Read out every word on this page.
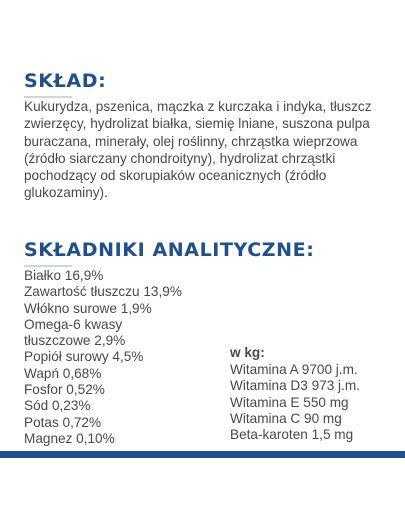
SKŁAD:

Kukurydza, pszenica, mączka z kurczaka i indyka, tłuszcz zwierzęcy, hydrolizat białka, siemię lniane, suszona pulpa buraczana, minerały, olej roślinny, chrząstka wieprzowa (źródło siarczany chondroityny), hydrolizat chrząstki pochodzący od skorupiaków oceanicznych (źródło glukozaminy).

SKŁADNIKI ANALITYCZNE:
Białko 16,9%
Zawartość tłuszczu 13,9%
Włókno surowe 1,9%
Omega-6 kwasy
tłuszczowe 2,9%
Popiół surowy 4,5%
Wapń 0,68%
Fosfor 0,52%
Sód 0,23%
Potas 0,72%
Magnez 0,10%

w kg:

Witamina A 9700 j.m.
Witamina D3 973 j.m.
Witamina E 550 mg
Witamina C 90 mg
Beta-karoten 1,5 mg
